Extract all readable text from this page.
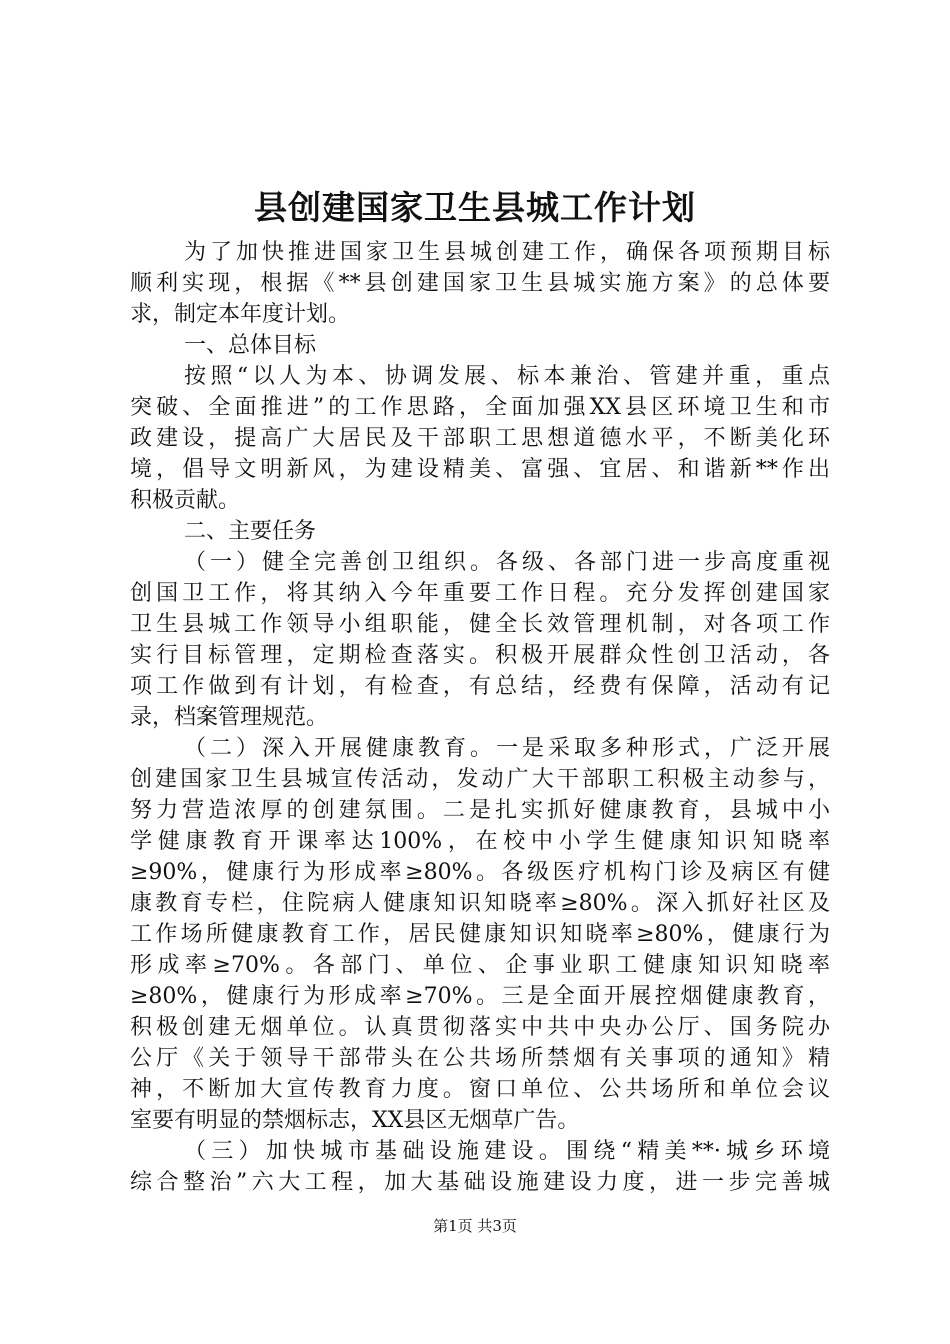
县创建国家卫生县城工作计划
为了加快推进国家卫生县城创建工作，确保各项预期目标
顺利实现，根据《**县创建国家卫生县城实施方案》的总体要
求，制定本年度计划。
一、总体目标
按照“以人为本、协调发展、标本兼治、管建并重，重点
突破、全面推进”的工作思路，全面加强XX县区环境卫生和市
政建设，提高广大居民及干部职工思想道德水平，不断美化环
境，倡导文明新风，为建设精美、富强、宜居、和谐新**作出
积极贡献。
二、主要任务
（一）健全完善创卫组织。各级、各部门进一步高度重视
创国卫工作，将其纳入今年重要工作日程。充分发挥创建国家
卫生县城工作领导小组职能，健全长效管理机制，对各项工作
实行目标管理，定期检查落实。积极开展群众性创卫活动，各
项工作做到有计划，有检查，有总结，经费有保障，活动有记
录，档案管理规范。
（二）深入开展健康教育。一是采取多种形式，广泛开展
创建国家卫生县城宣传活动，发动广大干部职工积极主动参与，
努力营造浓厚的创建氛围。二是扎实抓好健康教育，县城中小
学健康教育开课率达100%，在校中小学生健康知识知晓率
≥90%，健康行为形成率≥80%。各级医疗机构门诊及病区有健
康教育专栏，住院病人健康知识知晓率≥80%。深入抓好社区及
工作场所健康教育工作，居民健康知识知晓率≥80%，健康行为
形成率≥70%。各部门、单位、企事业职工健康知识知晓率
≥80%，健康行为形成率≥70%。三是全面开展控烟健康教育，
积极创建无烟单位。认真贯彻落实中共中央办公厅、国务院办
公厅《关于领导干部带头在公共场所禁烟有关事项的通知》精
神，不断加大宣传教育力度。窗口单位、公共场所和单位会议
室要有明显的禁烟标志，XX县区无烟草广告。
（三）加快城市基础设施建设。围绕“精美**·城乡环境
综合整治”六大工程，加大基础设施建设力度，进一步完善城
第1页 共3页
